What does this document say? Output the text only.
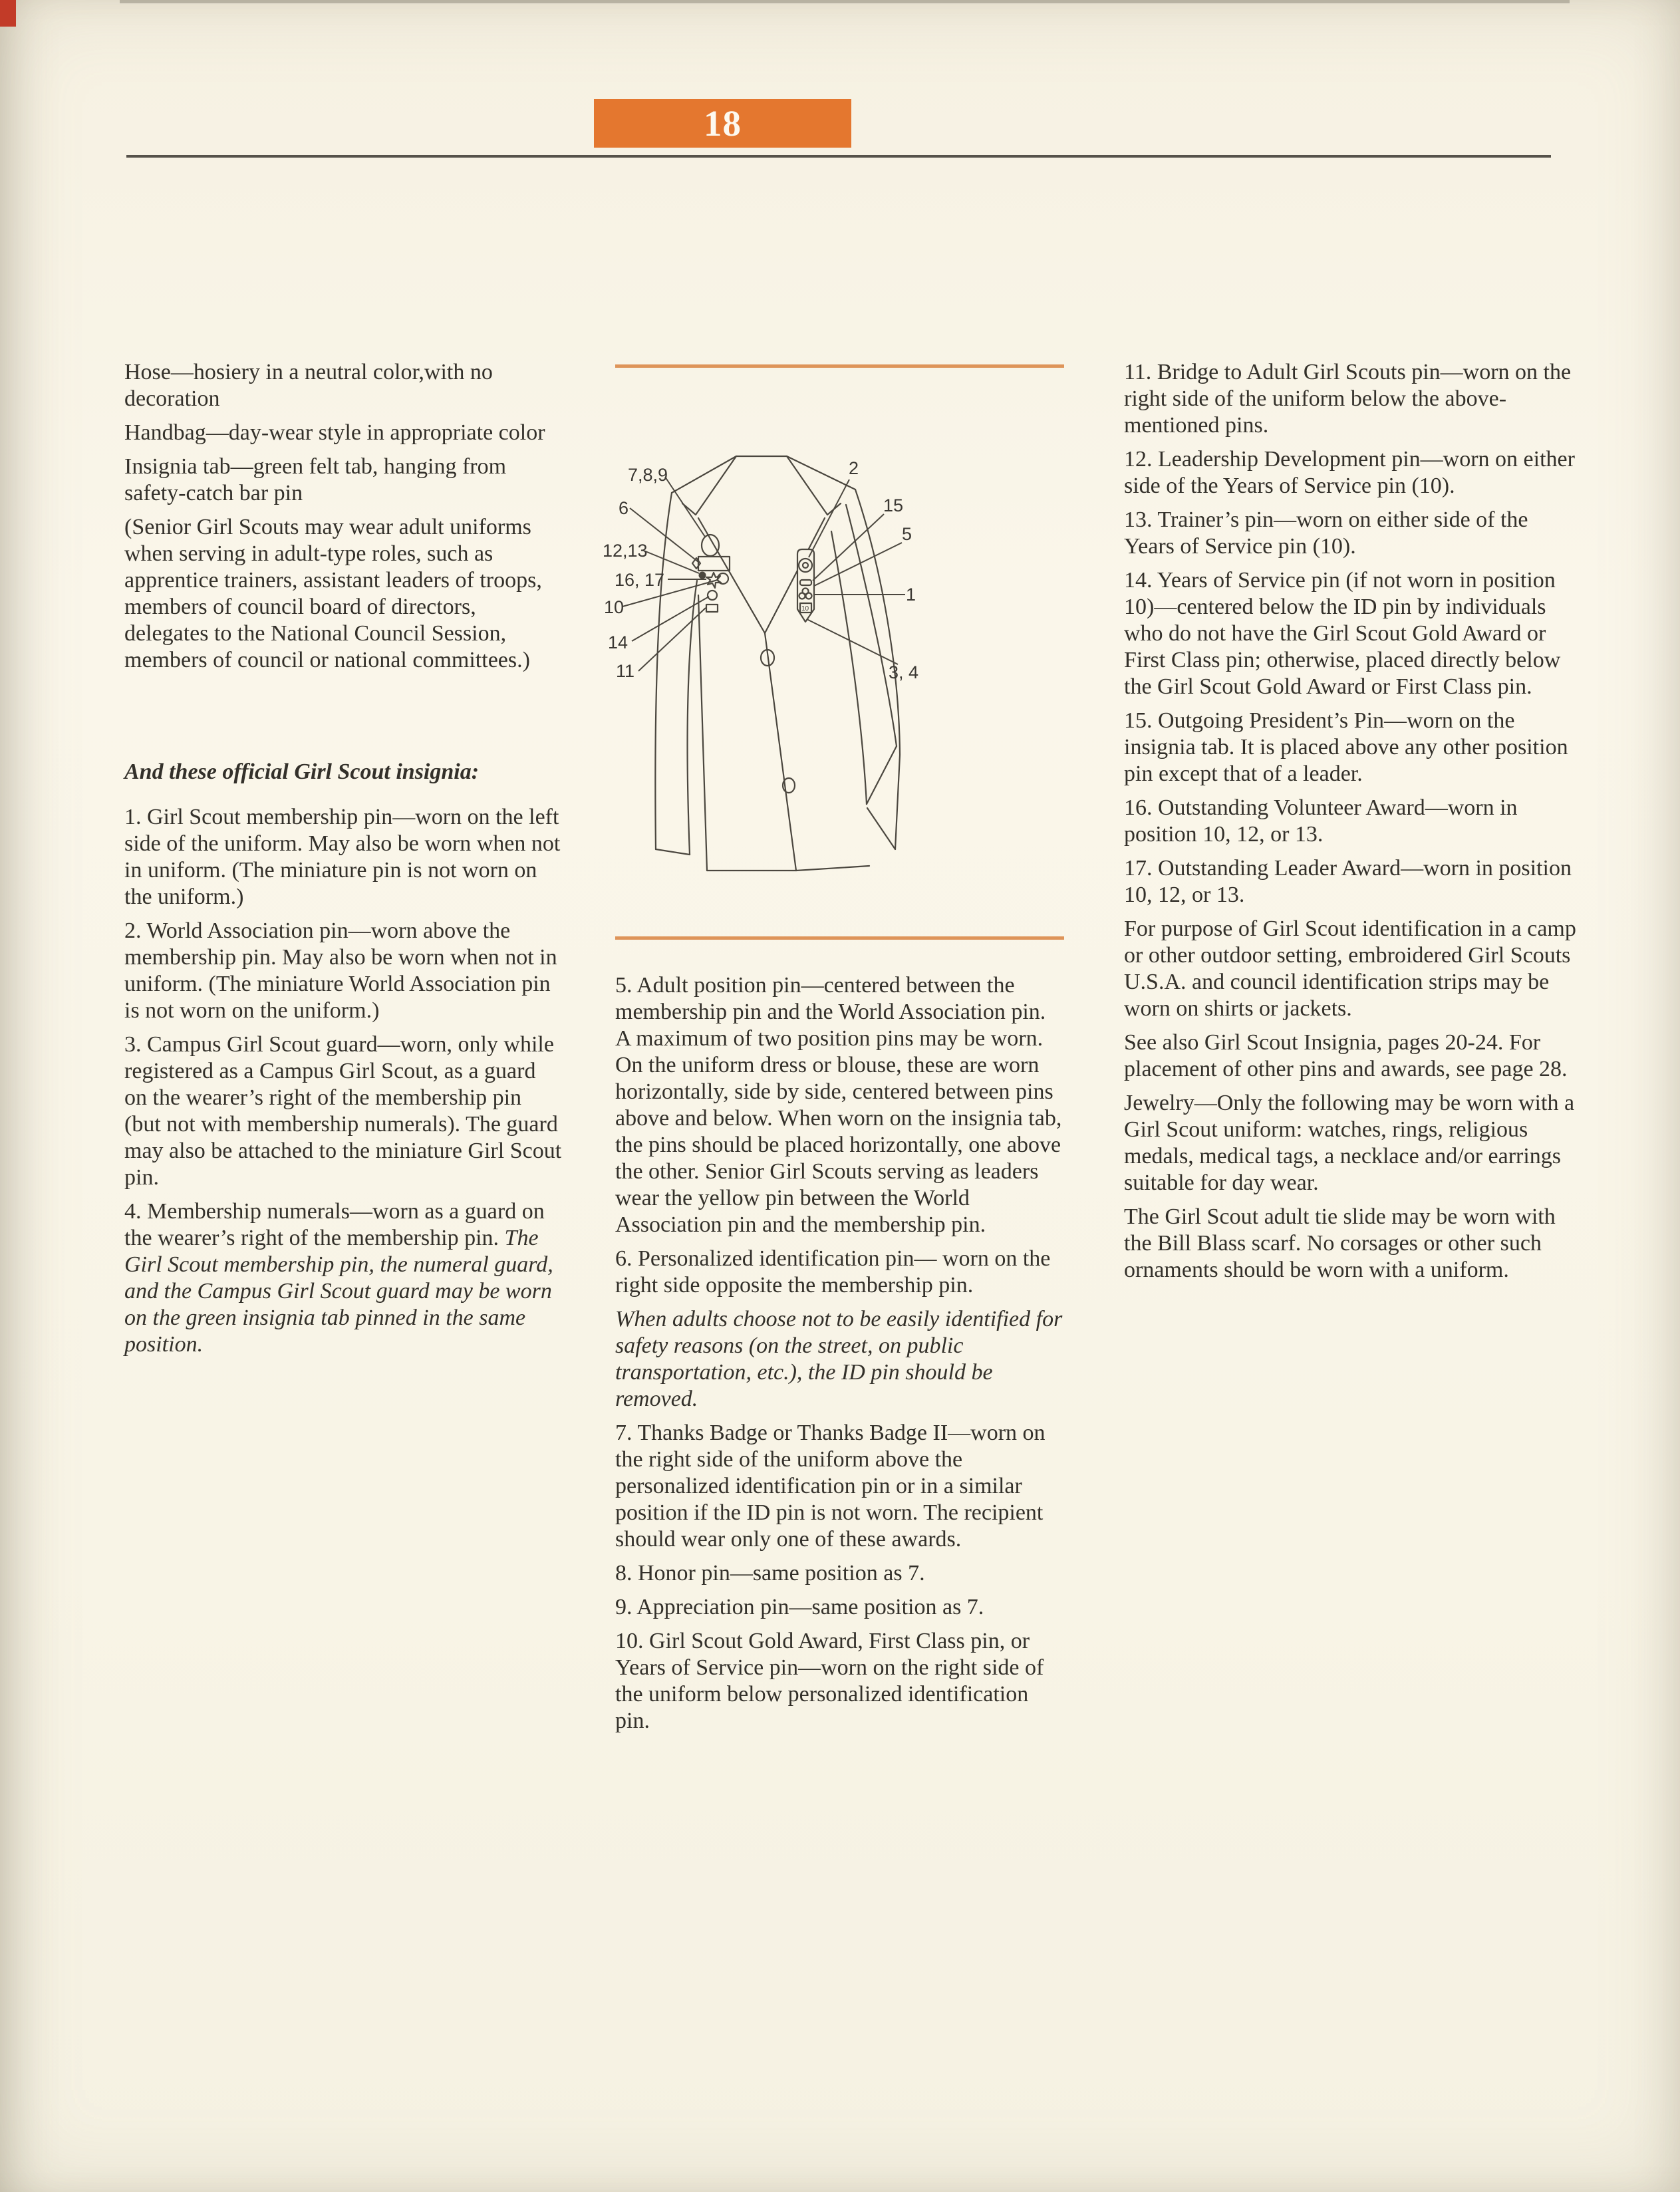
18

Hose—hosiery in a neutral color,with no decoration

Handbag—day-wear style in appropriate color

Insignia tab—green felt tab, hanging from safety-catch bar pin

(Senior Girl Scouts may wear adult uniforms when serving in adult-type roles, such as apprentice trainers, assistant leaders of troops, members of council board of directors, delegates to the National Council Session, members of council or national committees.)

And these official Girl Scout insignia:

1. Girl Scout membership pin—worn on the left side of the uniform. May also be worn when not in uniform. (The miniature pin is not worn on the uniform.)

2. World Association pin—worn above the membership pin. May also be worn when not in uniform. (The miniature World Association pin is not worn on the uniform.)

3. Campus Girl Scout guard—worn, only while registered as a Campus Girl Scout, as a guard on the wearer’s right of the membership pin (but not with membership numerals). The guard may also be attached to the miniature Girl Scout pin.

4. Membership numerals—worn as a guard on the wearer’s right of the membership pin. The Girl Scout membership pin, the numeral guard, and the Campus Girl Scout guard may be worn on the green insignia tab pinned in the same position.

5. Adult position pin—centered between the membership pin and the World Association pin. A maximum of two position pins may be worn. On the uniform dress or blouse, these are worn horizontally, side by side, centered between pins above and below. When worn on the insignia tab, the pins should be placed horizontally, one above the other. Senior Girl Scouts serving as leaders wear the yellow pin between the World Association pin and the membership pin.

6. Personalized identification pin— worn on the right side opposite the membership pin.

When adults choose not to be easily identified for safety reasons (on the street, on public transportation, etc.), the ID pin should be removed.

7. Thanks Badge or Thanks Badge II—worn on the right side of the uniform above the personalized identification pin or in a similar position if the ID pin is not worn. The recipient should wear only one of these awards.

8. Honor pin—same position as 7.

9. Appreciation pin—same position as 7.

10. Girl Scout Gold Award, First Class pin, or Years of Service pin—worn on the right side of the uniform below personalized identification pin.

11. Bridge to Adult Girl Scouts pin—worn on the right side of the uniform below the above-mentioned pins.

12. Leadership Development pin—worn on either side of the Years of Service pin (10).

13. Trainer’s pin—worn on either side of the Years of Service pin (10).

14. Years of Service pin (if not worn in position 10)—centered below the ID pin by individuals who do not have the Girl Scout Gold Award or First Class pin; otherwise, placed directly below the Girl Scout Gold Award or First Class pin.

15. Outgoing President’s Pin—worn on the insignia tab. It is placed above any other position pin except that of a leader.

16. Outstanding Volunteer Award—worn in position 10, 12, or 13.

17. Outstanding Leader Award—worn in position 10, 12, or 13.

For purpose of Girl Scout identification in a camp or other outdoor setting, embroidered Girl Scouts U.S.A. and council identification strips may be worn on shirts or jackets.

See also Girl Scout Insignia, pages 20-24. For placement of other pins and awards, see page 28.

Jewelry—Only the following may be worn with a Girl Scout uniform: watches, rings, religious medals, medical tags, a necklace and/or earrings suitable for day wear.

The Girl Scout adult tie slide may be worn with the Bill Blass scarf. No corsages or other such ornaments should be worn with a uniform.

10
7,8,9
6
12,13
16, 17
10
14
11
2
15
5
1
3, 4
